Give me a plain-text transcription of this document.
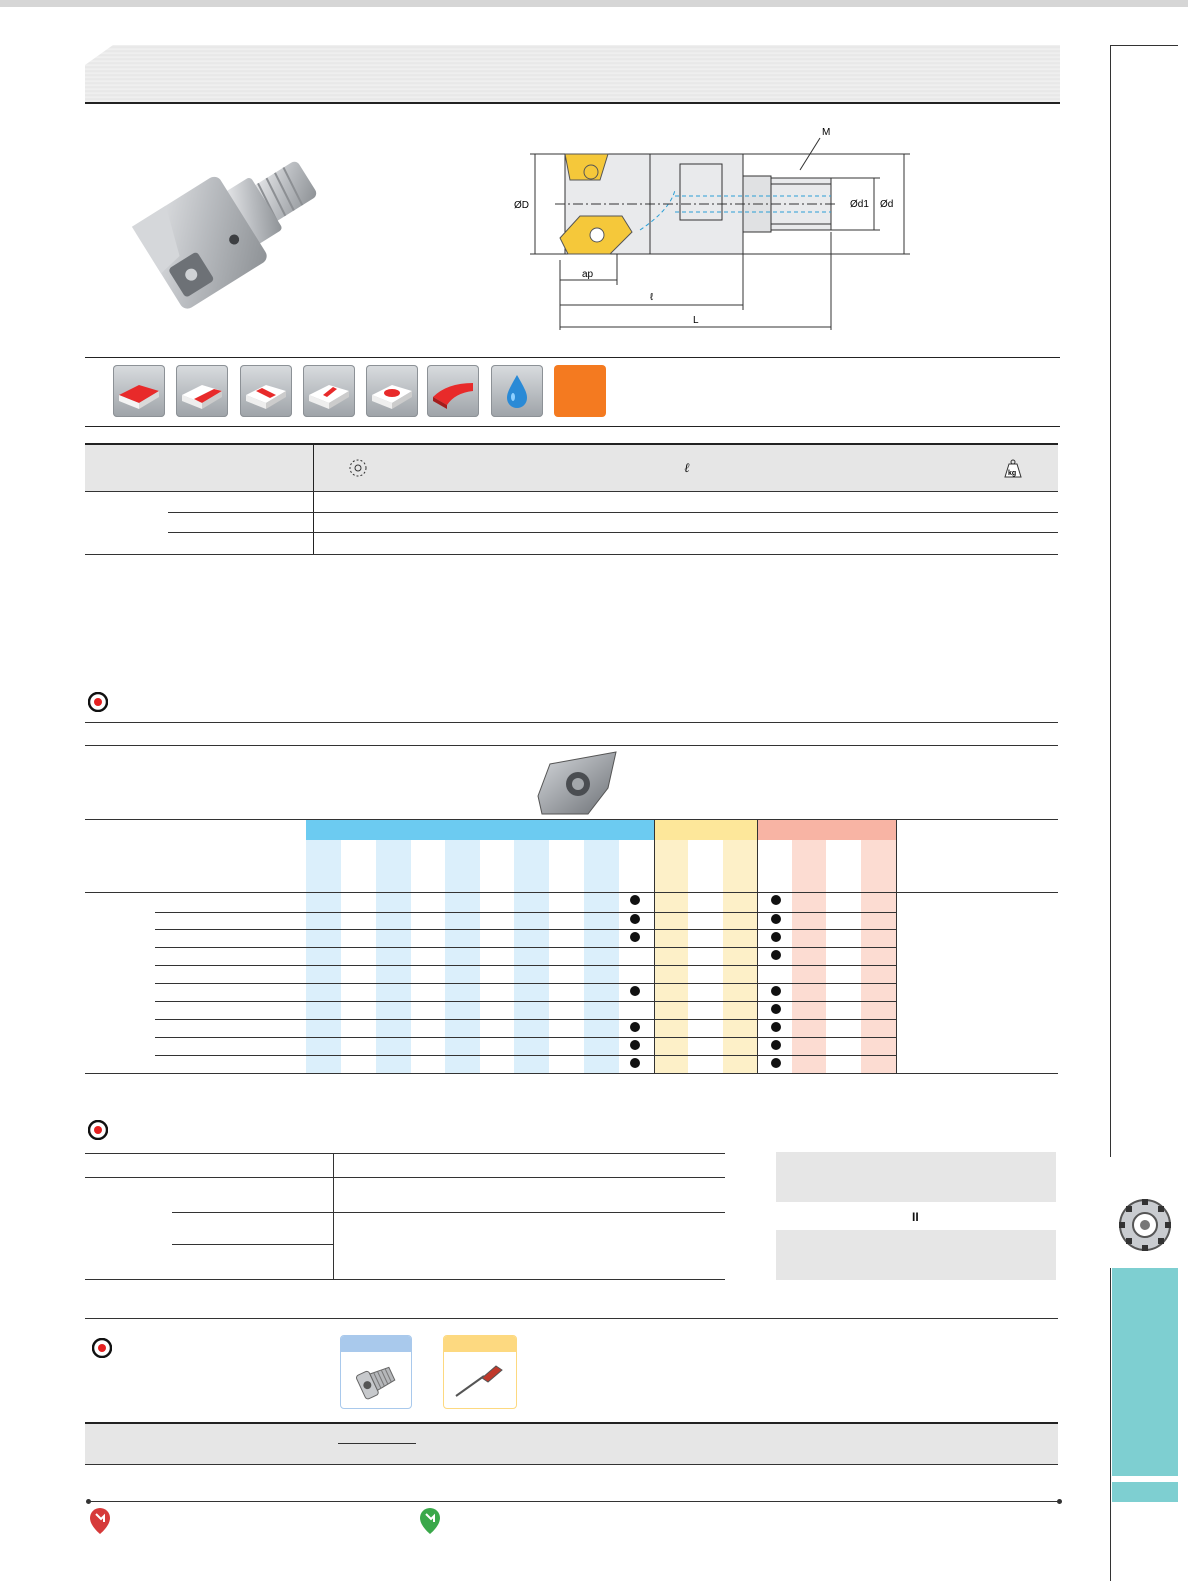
ØD	Ød1 Ød
M
ap
ℓ
L
ℓ	kg
II
